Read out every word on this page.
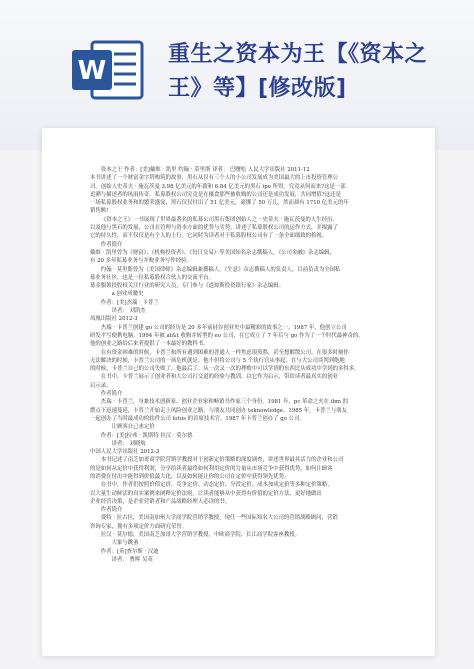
W
重生之资本为王【《资本之王》等】[修改版]

资本之王 作者：[美]戴维 · 凯里 约翰 · 莫里斯 译者： 巴曙松 人民大学出版社 2011-12

本书讲述了一个财富金字塔构筑的故事，黑石从仅有三个人的小公司发展成为美国最大的上市投资管理公

司。创始人史蒂夫 · 施瓦茨曼 3.98 亿美元的年薪和 6.84 亿美元的黑石 ipo 所得。究竟从何而来?这是一部

追溯与描述者的风雨传奇。私募股权公司究竟是在摄食那些被收购的公司还是成功发展，共同增值?这还是

一场私募股权业务和的繁荣盛宴，黑石仅仅付出了 51 亿美元，豪掷了 50 万几，然而却有 1710 亿美元的年

销售额!

《资本之王》一书展现了世界最著名的私募公司黑石集团创始人之一史蒂夫 · 施瓦茨曼的人生经历，

以及他与黑石的发展，公司在管理与资本方面的优势与劣势，讲述了私募股权公司的运作方式，并揭露了

它的持久性，而不仅仅是有个人的上行。它同时为读者对于私募股权公司有了一条全面细致的检视。

作者简介

戴维 · 凯里曾为《财富》、《机构投资者》、《每日交易》等美国知名杂志撰稿人，《公司金融》杂志编辑，

有 20 多年私募业务与并购业务写作经验。

约翰 · 莫里斯曾为《美国律师》杂志编辑兼撰稿人，《生意》杂志撰稿人的负责人，目前负责为全国私

募业务社区，也是一位私募股权合伙人的交流平台。

募金服领投股权关注行业的研究人员，专门参与《道琼斯投资银行家》杂志编辑。

a 创业成魔史

作者：[美]杰瑞 · 卡普兰

译者： 刘凯杰

凤凰出版社 2012-3

杰瑞 · 卡普兰创建 go 公司的经历是 20 多年前硅谷创业史中最精彩的故事之一。1987 年，他创立公司

研发平写便携电脑。1994 年被 at&t 收购并转型的 eo 公司，在它成立了 7 年后与 go 作为了一个时代最神奇的。

他的创业之路给后来者提供了一本最好的教科书。

在有资金困难的时候，卡普兰和所有遇到困难的普通人一样焦虑很煎熬，甚至想解散公司。在很多时刻你

无法解决的时候，卡普兰公司的一场危机就是。他不但将公司与 5 个执行官从事起，在与大公司谈判到绝地

的时候，卡普兰自己的公司失败了，他最后了。从一次又一次的挫败中可以学到的东西比从成功中学到的多得多。

在书中，卡普兰展示了创业者和大公司打交道的经验与教训，以它作为启示，带给读者最真实的创业

启示录。

作者简介

杰瑞 · 卡普兰，身兼技术创新家、创业企业家和畅销书作家三个身份。1981 年，pc 革命之火在 ibm 的

燃点下迅速蔓延，卡普兰开始走上风险创业之路，与朋友共同创办 teknowledge。1985 年，卡普兰与朋友

一起创办了当时最成功的软件公司 lotus 的首席技术官。1987 年卡普兰创办了 go 公司。

让顾客自己来定价

作者：[美]拉弗 · 凯斯特 拉汉 · 莫尔德

译者： 刘晓航

中国人民大学出版社 2012-3

本书记述了南芝加哥商学院营销学教授对于创新定价策略的深度调查，讲述世界最具活力的企业和公司

的是如何从定价中获得利润，分享给读者最终如何利用定价的力量从市场竞争中获得优势，如何让顾客

的消费在付出中能得到价值最大化，以及如何能让你的公司在定价中获得领先优势。

在书中，作者们按照价值定价、竞争定价、动态定价、分段定价、成本加成定价等多种定价策略，

以大量生动鲜活的真实案例来阐释定价法则，让读者能够从中获得有价值的定价方法，更好地做出

企业经营决策，是企业营销者和产品战略经理人必读的书。

作者简介

费特 · 拉古拉，美国南加州大学商学院营销学教授，现任一些国际知名大公司的营销战略顾问，营销

咨询专家，拥有多项定价方面研究荣誉。

拉汉 · 莫尔德，美国南芝加哥大学营销学教授，中欧商学院、长江商学院客座教授。

大象与跳蚤

作者：[英]查尔斯 · 汉迪

译者： 曹晖 吴英
